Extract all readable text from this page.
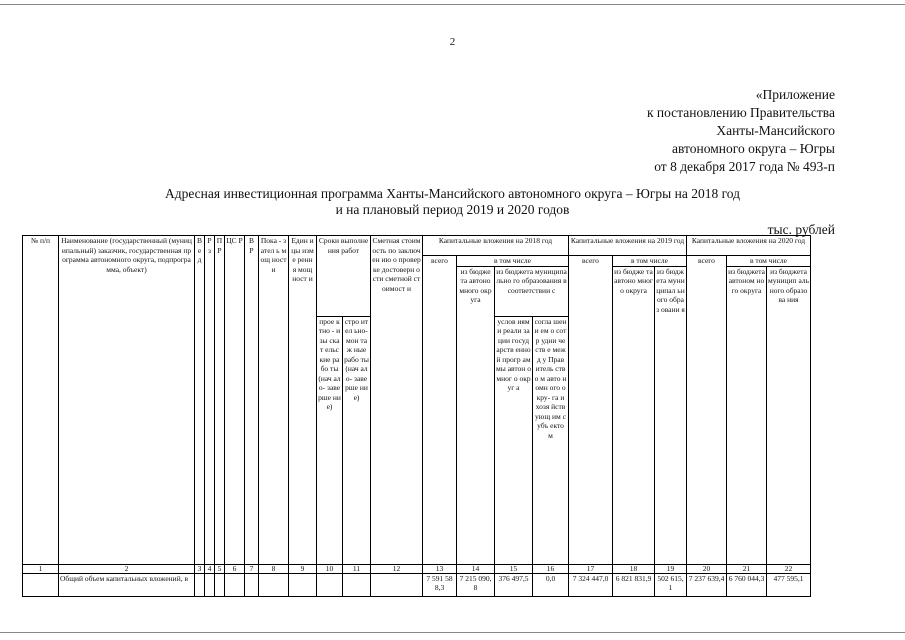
2
«Приложение
к постановлению Правительства
Ханты-Мансийского
автономного округа – Югры
от 8 декабря 2017 года № 493-п
Адресная инвестиционная программа Ханты-Мансийского автономного округа – Югры на 2018 год
и на плановый период 2019 и 2020 годов
тыс. рублей
№ п/п	Наименование (государственный (муниципальный) заказчик, государственная программа автономного округа, подпрограмма, объект)	В е д	Р з	П Р	ЦС Р	В Р	Пока - зател ь мощ ност и	Един ицы изме ренн я мощ ност и	Сроки выполнения работ		Сметная стоимость по заключен ию о проверке достоверн ости сметной стоимост и	Капитальные вложения на 2018 год				Капитальные вложения на 2019 год			Капитальные вложения на 2020 год		
												всего	в том числе			всего	в том числе		всего	в том числе	
													из бюдже та автоно много округа	из бюджета муниципально го образования в соответствии с			из бюдже та автоно много округа	из бюдж ета муни ципал ьного образ овани я		из бюджета автоном ного округа	из бюджета муницип ального образова ния
									прое ктно - изы скат ельс кие рабо ты (нач ало- заве рше ние)	стро ител ьно- мон таж ные рабо ты (нач ало- заве рше ние)				услов иями реали зации госуд арств енной прогр аммы автон омног о округ а	согла шени ем о сотр удни честв е межд у Прав итель ство м авто номн ого окру- га и хозя йств ующ им субъ екто м						
1	2	3	4	5	6	7	8	9	10	11	12	13	14	15	16	17	18	19	20	21	22
	Общий объем капитальных вложений, в											7 591 588,3	7 215 090,8	376 497,5	0,0	7 324 447,0	6 821 831,9	502 615,1	7 237 639,4	6 760 044,3	477 595,1
